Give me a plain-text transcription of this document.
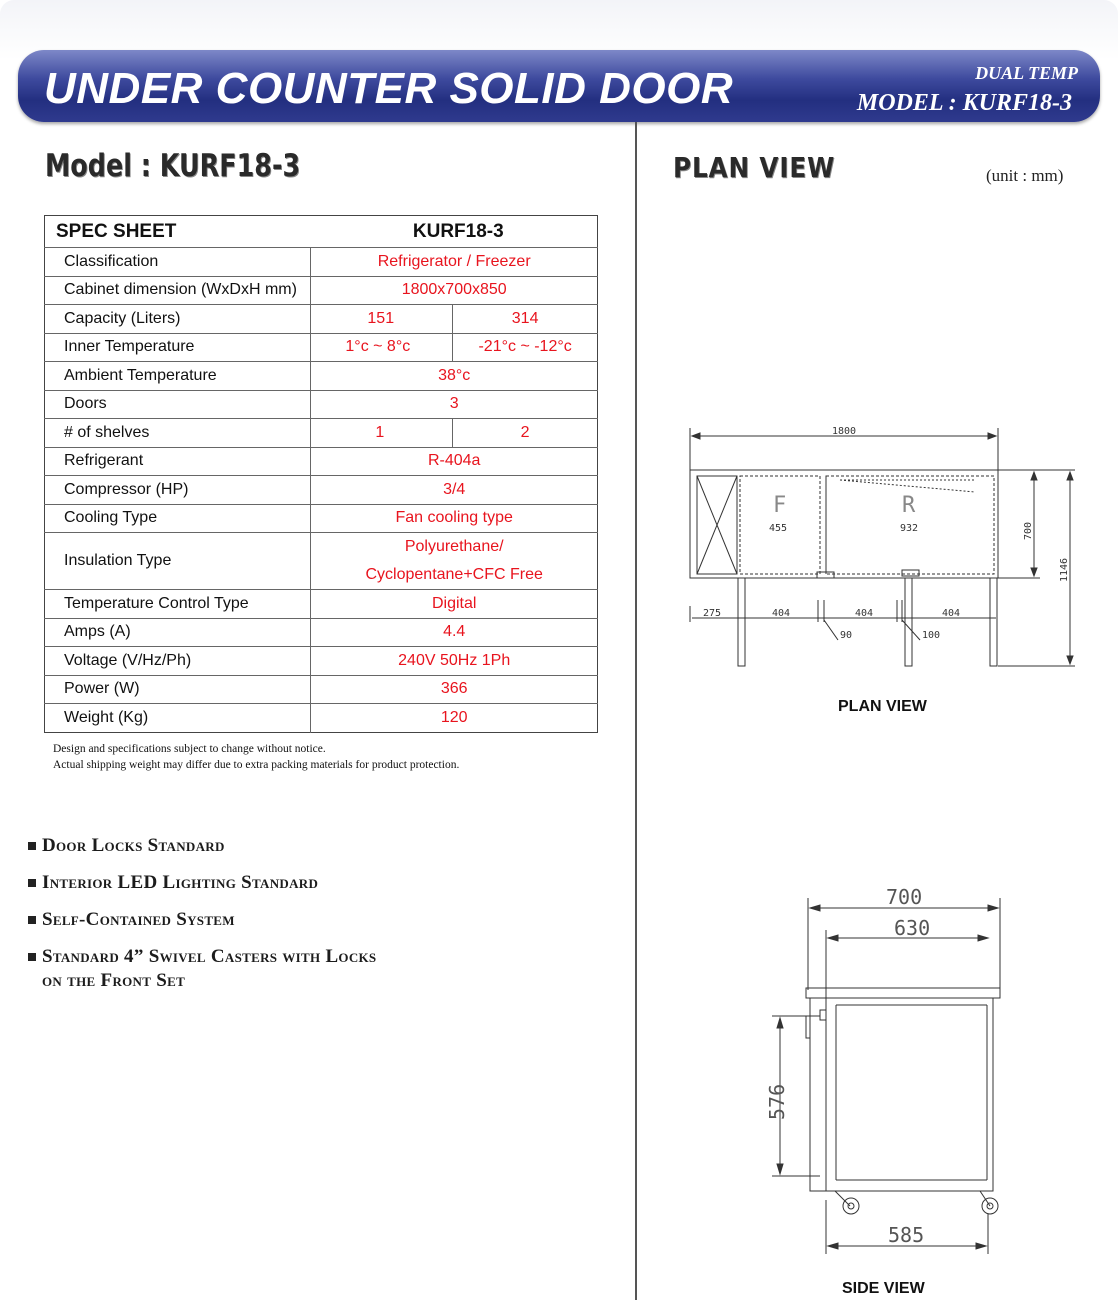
UNDER COUNTER SOLID DOOR	DUAL TEMP
MODEL : KURF18-3
Model : KURF18-3	PLAN VIEW	(unit : mm)
SPEC SHEET	KURF18-3	
Classification	Refrigerator / Freezer	
Cabinet dimension (WxDxH mm)	1800x700x850	
Capacity (Liters)	151	314
Inner Temperature	1°c ~ 8°c	-21°c ~ -12°c
Ambient Temperature	38°c	
Doors	3	
# of shelves	1	2
Refrigerant	R-404a	
Compressor (HP)	3/4	
Cooling Type	Fan cooling type	
Insulation Type	Polyurethane/
Cyclopentane+CFC Free	

Temperature Control Type	Digital	
Amps (A)	4.4	
Voltage (V/Hz/Ph)	240V 50Hz 1Ph	
Power (W)	366	
Weight (Kg)	120	
Design and specifications subject to change without notice.
Actual shipping weight may differ due to extra packing materials for product protection.
Door Locks Standard
Interior LED Lighting Standard
Self-Contained System
Standard 4” Swivel Casters with Locks
on the Front Set
1800
F	R
455	932	700
1146
275	404	404	404
90	100
PLAN VIEW
700
630
576
585
SIDE VIEW
